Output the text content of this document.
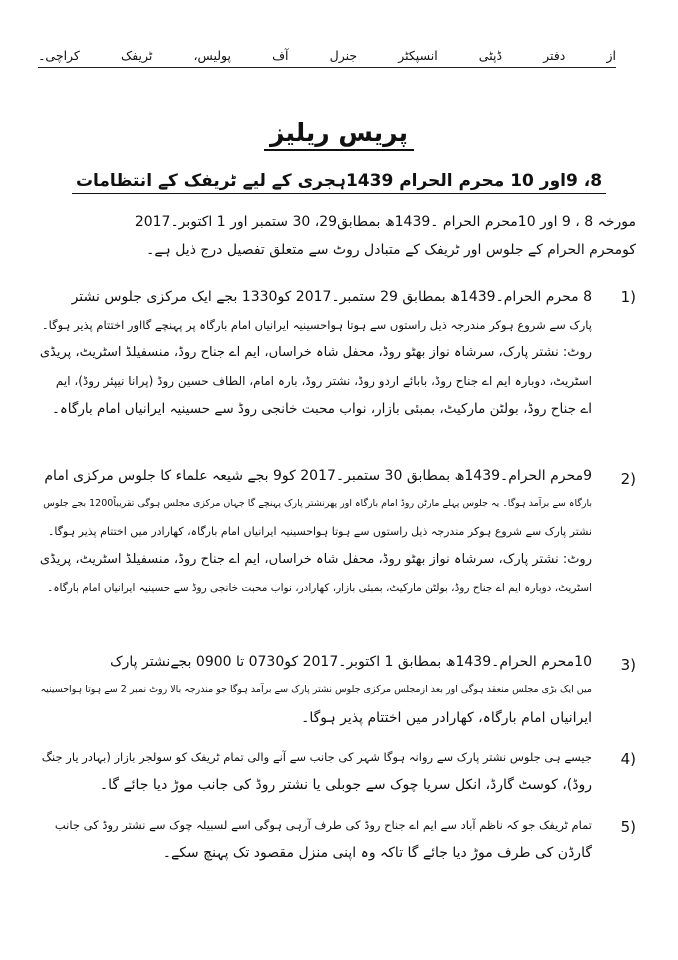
از
دفتر
ڈپٹی
انسپکٹر
جنرل
آف
پولیس،
ٹریفک
کراچی۔
پریس ریلیز
8، 9اور 10 محرم الحرام 1439ہجری کے لیے ٹریفک کے انتظامات
مورخہ 8 ، 9 اور 10محرم الحرام ۔1439ھ بمطابق29، 30 ستمبر اور 1 اکتوبر۔2017
کومحرم الحرام کے جلوس اور ٹریفک کے متبادل روٹ سے متعلق تفصیل درج ذیل ہے۔
1)
8 محرم الحرام۔1439ھ بمطابق 29 ستمبر۔2017 کو1330 بجے ایک مرکزی جلوس نشتر
پارک سے شروع ہوکر مندرجہ ذیل راستوں سے ہوتا ہواحسینیہ ایرانیاں امام بارگاہ پر پہنچے گااور اختتام پذیر ہوگا۔
روٹ: نشتر پارک، سرشاہ نواز بھٹو روڈ، محفل شاہ خراساں، ایم اے جناح روڈ، منسفیلڈ اسٹریٹ، پریڈی
اسٹریٹ، دوبارہ ایم اے جناح روڈ، بابائے اردو روڈ، نشتر روڈ، بارہ امام، الطاف حسین روڈ (پرانا نیپئر روڈ)، ایم
اے جناح روڈ، بولٹن مارکیٹ، بمبئی بازار، نواب محبت خانجی روڈ سے حسینیہ ایرانیاں امام بارگاہ۔
2)
9محرم الحرام۔1439ھ بمطابق 30 ستمبر۔2017 کو9 بجے شیعہ علماء کا جلوس مرکزی امام
بارگاہ سے برآمد ہوگا۔ یہ جلوس پہلے مارٹن روڈ امام بارگاہ اور پھرنشتر پارک پہنچے گا جہاں مرکزی مجلس ہوگی تقریباً1200 بجے جلوس
نشتر پارک سے شروع ہوکر مندرجہ ذیل راستوں سے ہوتا ہواحسینیہ ایرانیاں امام بارگاہ، کھارادر میں اختتام پذیر ہوگا۔
روٹ: نشتر پارک، سرشاہ نواز بھٹو روڈ، محفل شاہ خراساں، ایم اے جناح روڈ، منسفیلڈ اسٹریٹ، پریڈی
اسٹریٹ، دوبارہ ایم اے جناح روڈ، بولٹن مارکیٹ، بمبئی بازار، کھارادر، نواب محبت خانجی روڈ سے حسینیہ ایرانیاں امام بارگاہ۔
3)
10محرم الحرام۔1439ھ بمطابق 1 اکتوبر۔2017 کو0730 تا 0900 بجےنشتر پارک
میں ایک بڑی مجلس منعقد ہوگی اور بعد ازمجلس مرکزی جلوس نشتر پارک سے برآمد ہوگا جو مندرجہ بالا روٹ نمبر 2 سے ہوتا ہواحسینیہ
ایرانیاں امام بارگاہ، کھارادر میں اختتام پذیر ہوگا۔
4)
جیسے ہی جلوس نشتر پارک سے روانہ ہوگا شہر کی جانب سے آنے والی تمام ٹریفک کو سولجر بازار (بہادر یار جنگ
روڈ)، کوسٹ گارڈ، انکل سریا چوک سے جوبلی یا نشتر روڈ کی جانب موڑ دیا جائے گا۔
5)
تمام ٹریفک جو کہ ناظم آباد سے ایم اے جناح روڈ کی طرف آرہی ہوگی اسے لسبیلہ چوک سے نشتر روڈ کی جانب
گارڈن کی طرف موڑ دیا جائے گا تاکہ وہ اپنی منزل مقصود تک پہنچ سکے۔
